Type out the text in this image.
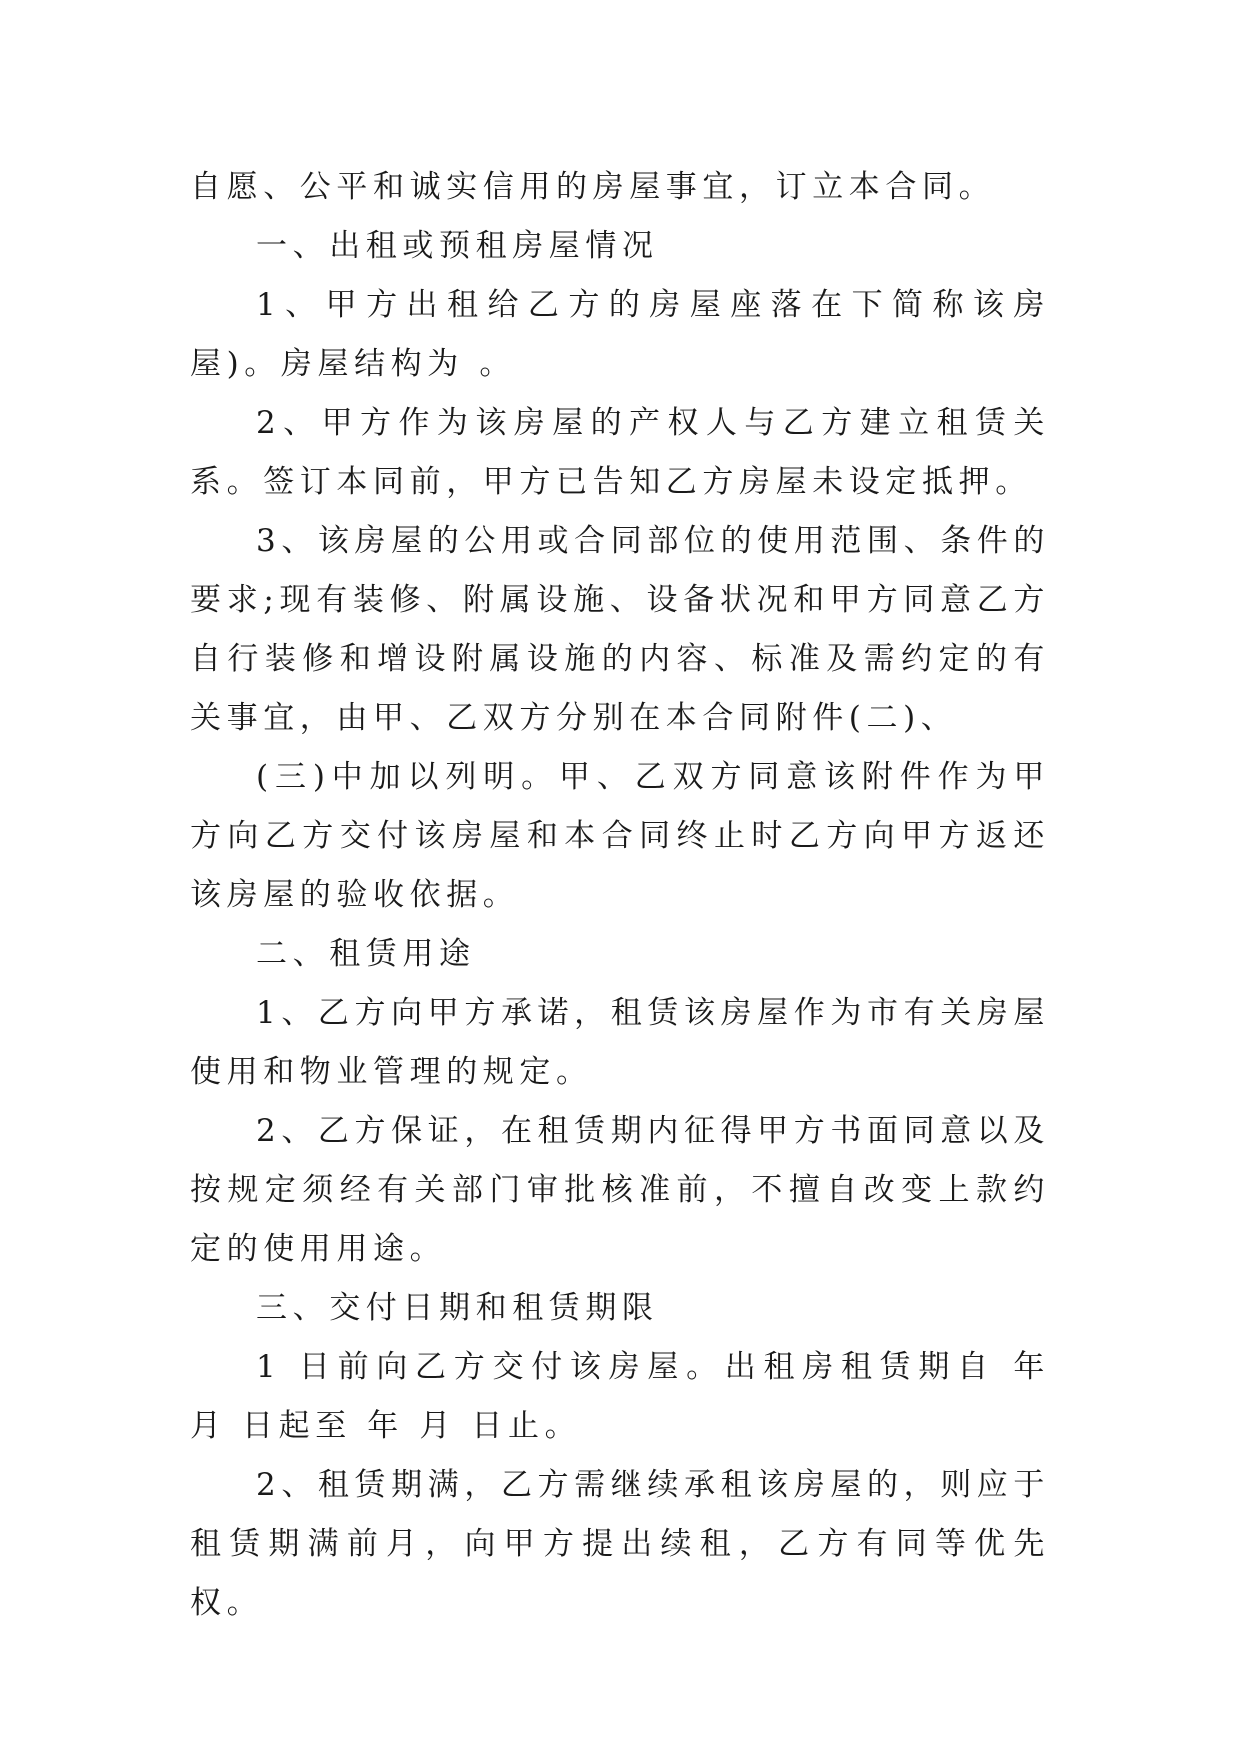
自愿、公平和诚实信用的房屋事宜，订立本合同。

一、出租或预租房屋情况

1、甲方出租给乙方的房屋座落在下简称该房屋)。房屋结构为 。

2、甲方作为该房屋的产权人与乙方建立租赁关系。签订本同前，甲方已告知乙方房屋未设定抵押。

3、该房屋的公用或合同部位的使用范围、条件的要求;现有装修、附属设施、设备状况和甲方同意乙方自行装修和增设附属设施的内容、标准及需约定的有关事宜，由甲、乙双方分别在本合同附件(二)、

(三)中加以列明。甲、乙双方同意该附件作为甲方向乙方交付该房屋和本合同终止时乙方向甲方返还该房屋的验收依据。

二、租赁用途

1、乙方向甲方承诺，租赁该房屋作为市有关房屋使用和物业管理的规定。

2、乙方保证，在租赁期内征得甲方书面同意以及按规定须经有关部门审批核准前，不擅自改变上款约定的使用用途。

三、交付日期和租赁期限

1 日前向乙方交付该房屋。出租房租赁期自 年 月 日起至 年 月 日止。

2、租赁期满，乙方需继续承租该房屋的，则应于租赁期满前月，向甲方提出续租，乙方有同等优先权。
